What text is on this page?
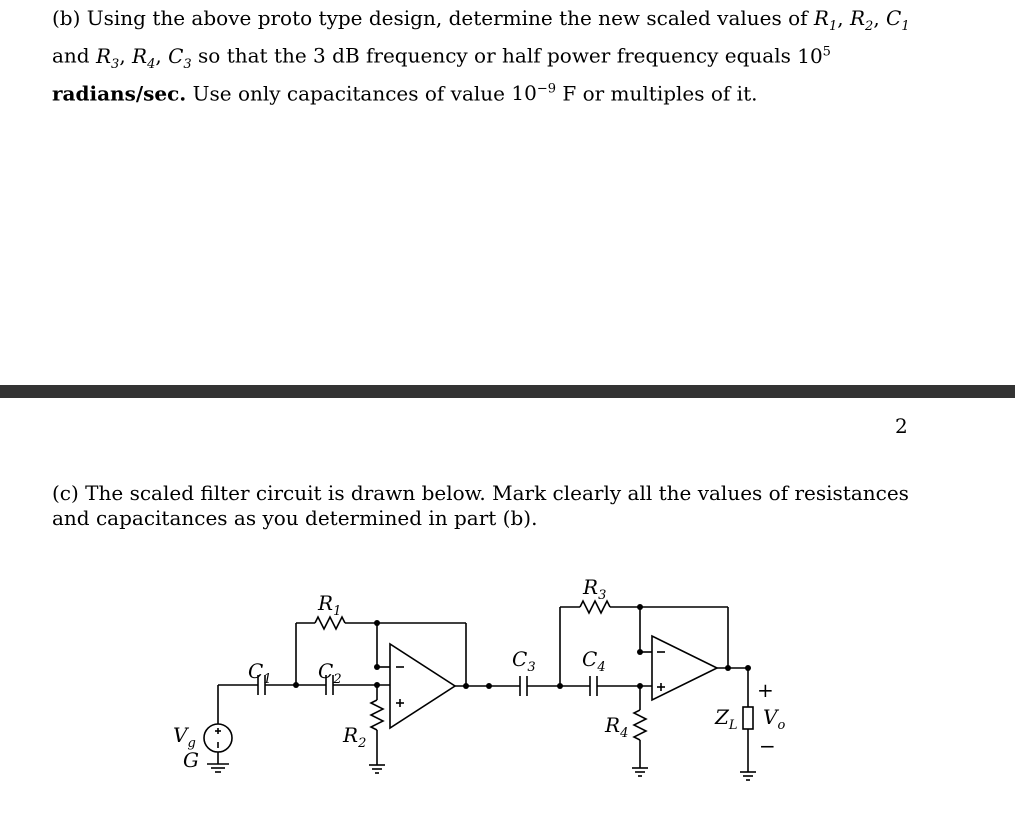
(b) Using the above proto type design, determine the new scaled values of $R_1$, $R_2$, $C_1$ and $R_3$, $R_4$, $C_3$ so that the 3 dB frequency or half power frequency equals $10^5$ radians/sec. Use only capacitances of value $10^{-9}$ F or multiples of it.
2
(c) The scaled filter circuit is drawn below. Mark clearly all the values of resistances and capacitances as you determined in part (b).
$R_1$
$R_3$
$C_1$ $C_2$
$C_3$ $C_4$
$R_2$
$R_4$
$V_g$
G
$Z_L$ $V_o$
+
−
